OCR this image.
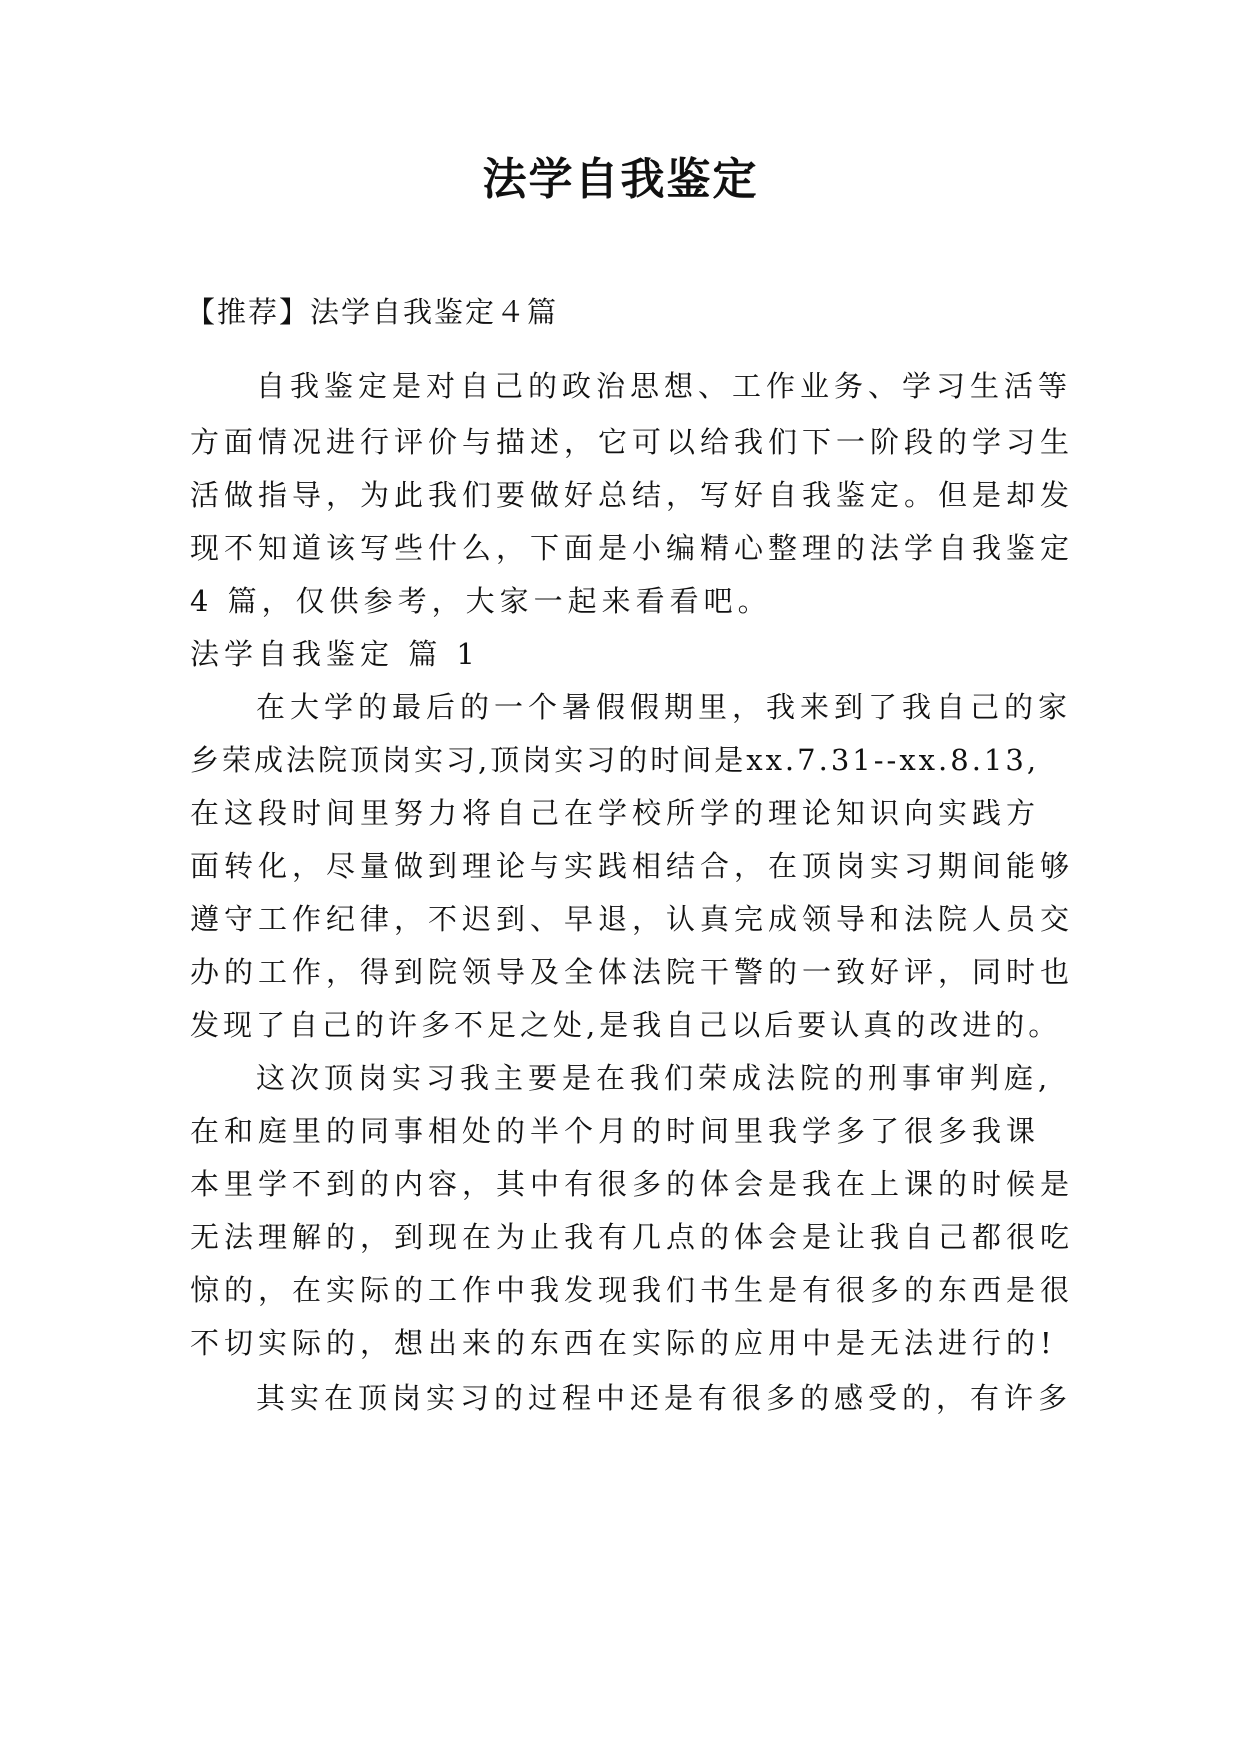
法学自我鉴定

【推荐】法学自我鉴定４篇

自我鉴定是对自己的政治思想、工作业务、学习生活等

方面情况进行评价与描述，它可以给我们下一阶段的学习生

活做指导，为此我们要做好总结，写好自我鉴定。但是却发

现不知道该写些什么，下面是小编精心整理的法学自我鉴定

4 篇，仅供参考，大家一起来看看吧。

法学自我鉴定 篇 1

在大学的最后的一个暑假假期里，我来到了我自己的家

乡荣成法院顶岗实习,顶岗实习的时间是xx.7.31--xx.8.13,

在这段时间里努力将自己在学校所学的理论知识向实践方

面转化，尽量做到理论与实践相结合，在顶岗实习期间能够

遵守工作纪律，不迟到、早退，认真完成领导和法院人员交

办的工作，得到院领导及全体法院干警的一致好评，同时也

发现了自己的许多不足之处,是我自己以后要认真的改进的。

这次顶岗实习我主要是在我们荣成法院的刑事审判庭,

在和庭里的同事相处的半个月的时间里我学多了很多我课

本里学不到的内容，其中有很多的体会是我在上课的时候是

无法理解的，到现在为止我有几点的体会是让我自己都很吃

惊的，在实际的工作中我发现我们书生是有很多的东西是很

不切实际的，想出来的东西在实际的应用中是无法进行的!

其实在顶岗实习的过程中还是有很多的感受的，有许多
